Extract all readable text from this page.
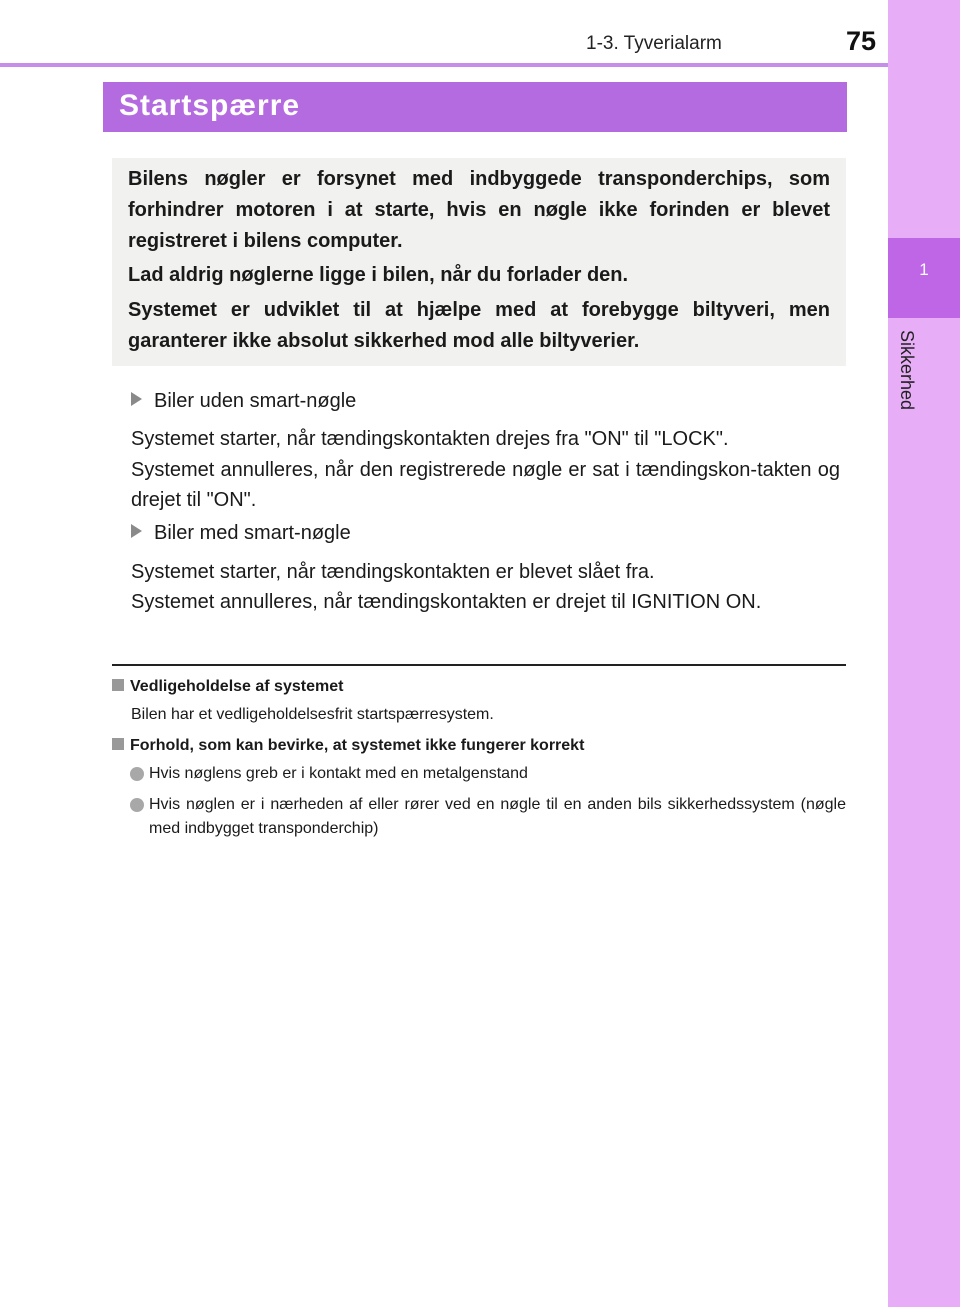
1-3. Tyverialarm	75
1
Sikkerhed
Startspærre

Bilens nøgler er forsynet med indbyggede transponderchips, som forhindrer motoren i at starte, hvis en nøgle ikke forinden er blevet registreret i bilens computer.

Lad aldrig nøglerne ligge i bilen, når du forlader den.

Systemet er udviklet til at hjælpe med at forebygge biltyveri, men garanterer ikke absolut sikkerhed mod alle biltyverier.

Biler uden smart-nøgle

Systemet starter, når tændingskontakten drejes fra "ON" til "LOCK".

Systemet annulleres, når den registrerede nøgle er sat i tændingskon-takten og drejet til "ON".

Biler med smart-nøgle

Systemet starter, når tændingskontakten er blevet slået fra.

Systemet annulleres, når tændingskontakten er drejet til IGNITION ON.

Vedligeholdelse af systemet
Bilen har et vedligeholdelsesfrit startspærresystem.
Forhold, som kan bevirke, at systemet ikke fungerer korrekt
Hvis nøglens greb er i kontakt med en metalgenstand
Hvis nøglen er i nærheden af eller rører ved en nøgle til en anden bils sikkerhedssystem (nøgle med indbygget transponderchip)
